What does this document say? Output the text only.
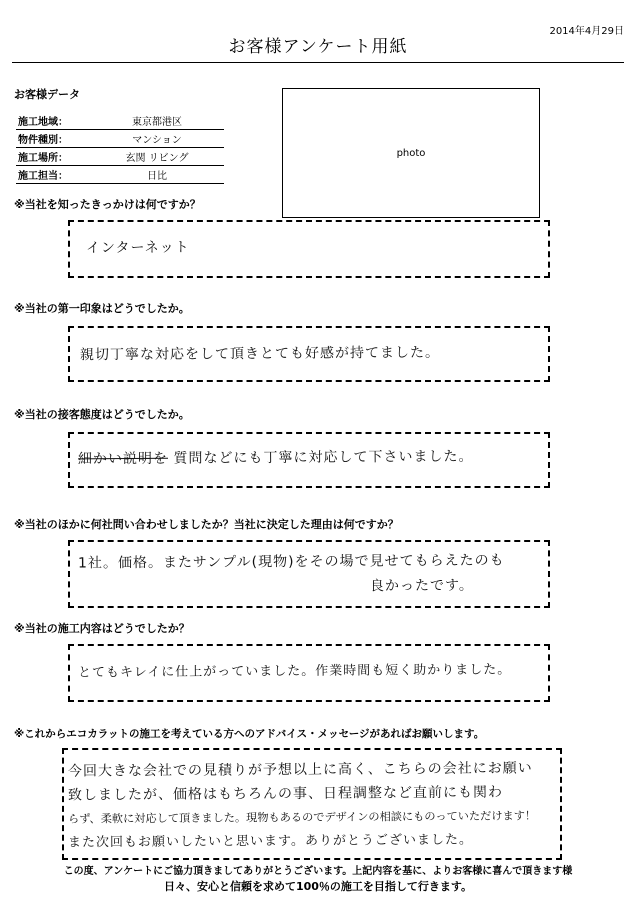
2014年4月29日
お客様アンケート用紙
お客様データ
施工地域：	東京都港区
物件種別：	マンション
施工場所：	玄関 リビング
施工担当：	日比
photo
※当社を知ったきっかけは何ですか？
インターネット
※当社の第一印象はどうでしたか。
親切丁寧な対応をして頂きとても好感が持てました。
※当社の接客態度はどうでしたか。
細かい説明を 質問などにも丁寧に対応して下さいました。
※当社のほかに何社問い合わせしましたか？当社に決定した理由は何ですか？
1社。価格。またサンプル(現物)をその場で見せてもらえたのも
良かったです。
※当社の施工内容はどうでしたか？
とてもキレイに仕上がっていました。作業時間も短く助かりました。
※これからエコカラットの施工を考えている方へのアドバイス・メッセージがあればお願いします。
今回大きな会社での見積りが予想以上に高く、こちらの会社にお願い
致しましたが、価格はもちろんの事、日程調整など直前にも関わ
らず、柔軟に対応して頂きました。現物もあるのでデザインの相談にものっていただけます！
また次回もお願いしたいと思います。ありがとうございました。
この度、アンケートにご協力頂きましてありがとうございます。上記内容を基に、よりお客様に喜んで頂きます様
日々、安心と信頼を求めて100％の施工を目指して行きます。
